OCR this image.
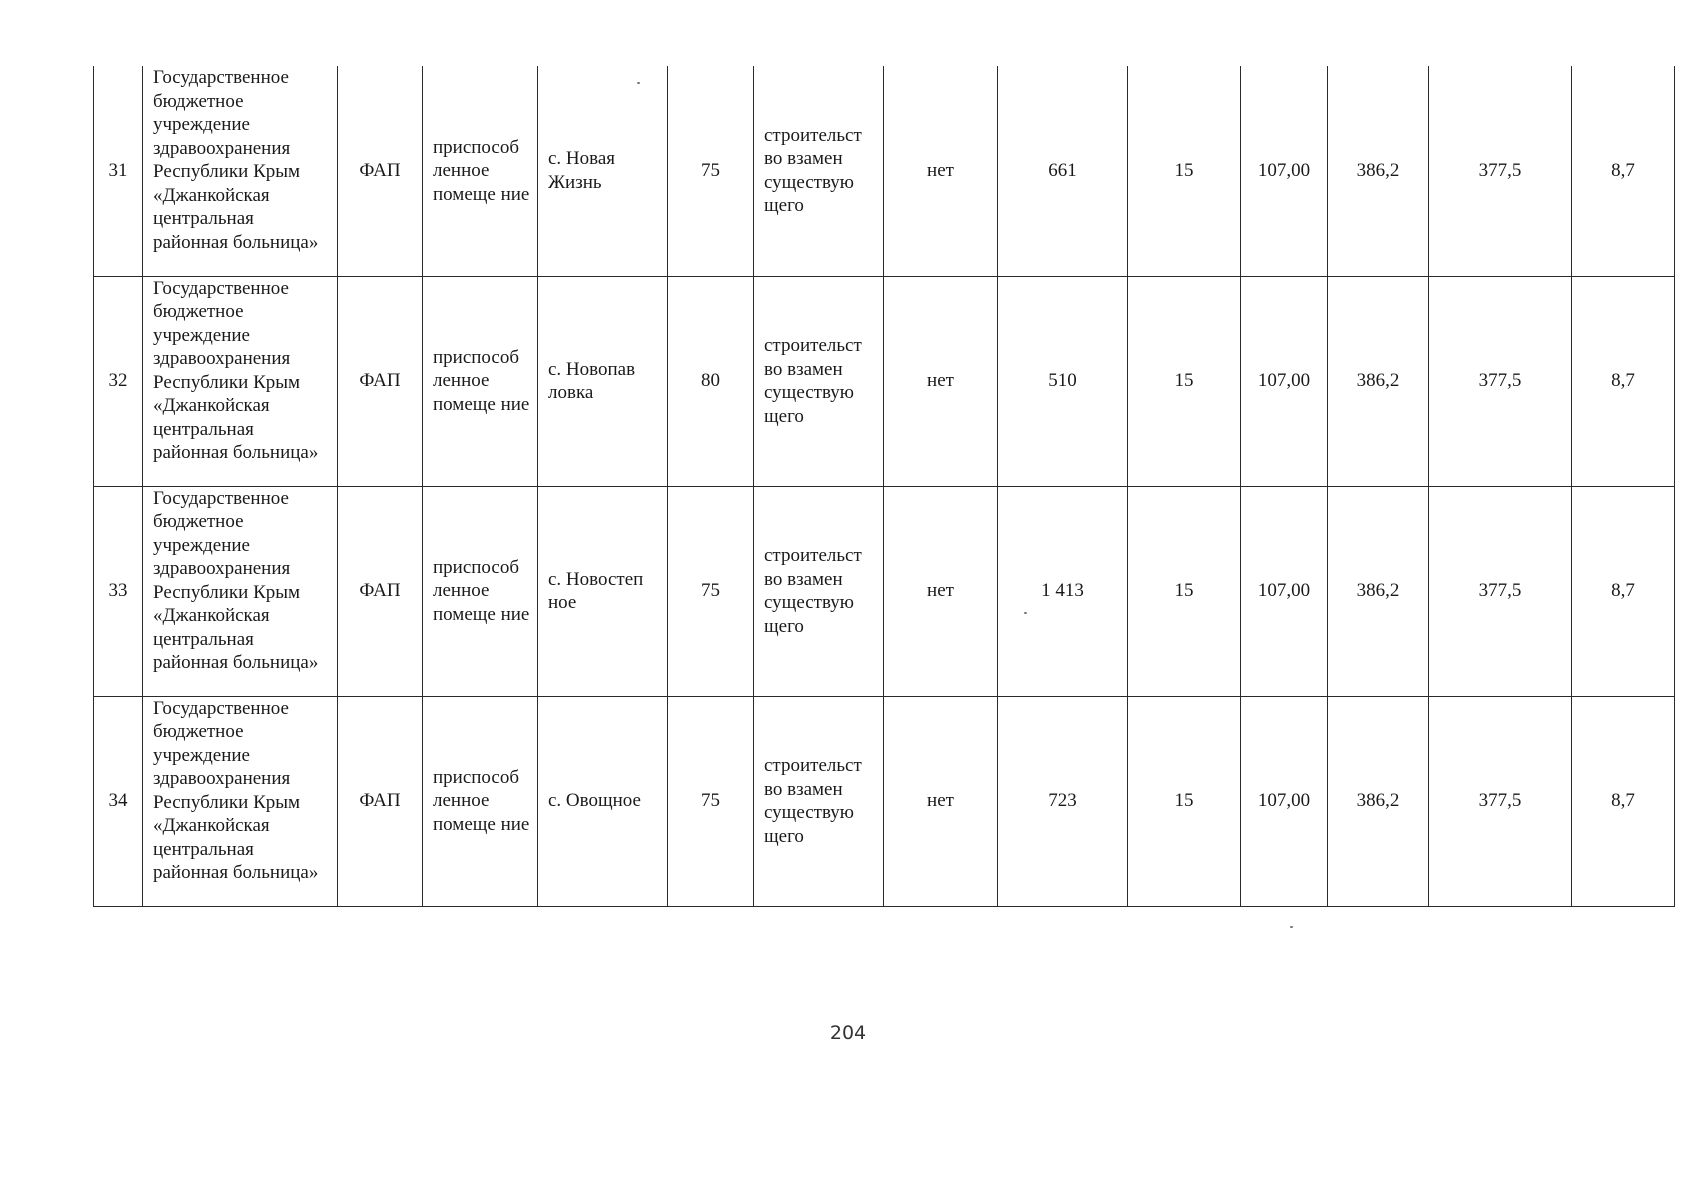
31	Государственное бюджетное учреждение здравоохранения Республики Крым «Джанкойская центральная районная больница»	ФАП	приспособ ленное помеще ние	с. Новая Жизнь	75	строительст во взамен существую щего	нет	661	15	107,00	386,2	377,5	8,7
32	Государственное бюджетное учреждение здравоохранения Республики Крым «Джанкойская центральная районная больница»	ФАП	приспособ ленное помеще ние	с. Новопав ловка	80	строительст во взамен существую щего	нет	510	15	107,00	386,2	377,5	8,7
33	Государственное бюджетное учреждение здравоохранения Республики Крым «Джанкойская центральная районная больница»	ФАП	приспособ ленное помеще ние	с. Новостеп ное	75	строительст во взамен существую щего	нет	1 413	15	107,00	386,2	377,5	8,7
34	Государственное бюджетное учреждение здравоохранения Республики Крым «Джанкойская центральная районная больница»	ФАП	приспособ ленное помеще ние	с. Овощное	75	строительст во взамен существую щего	нет	723	15	107,00	386,2	377,5	8,7
204
